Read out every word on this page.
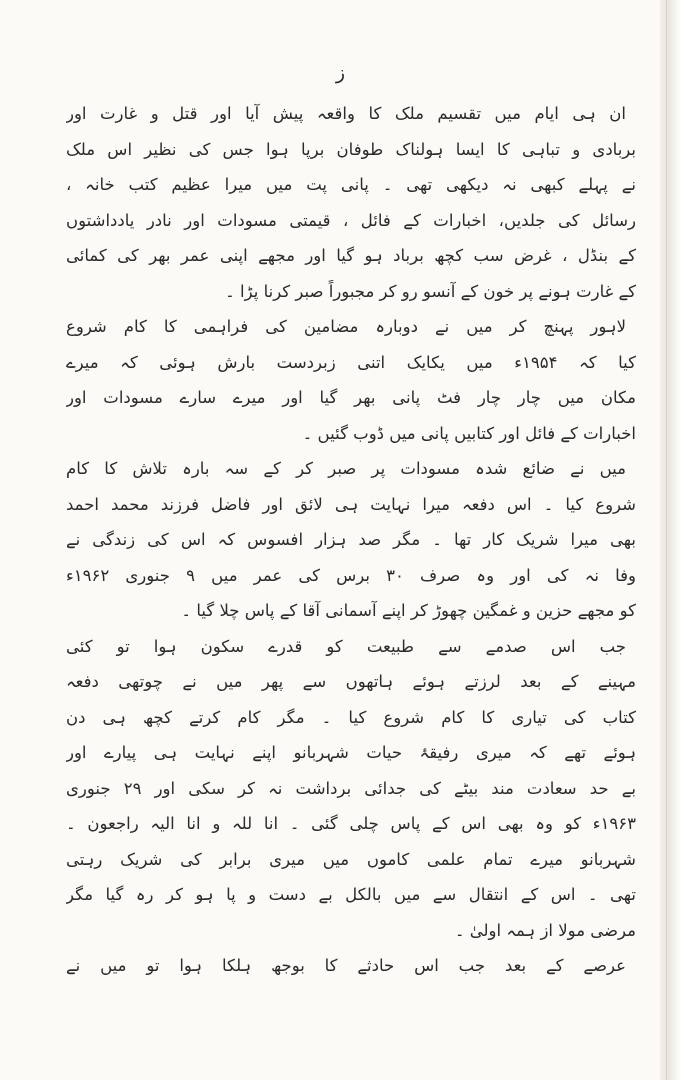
ز
ان ہی ایام میں تقسیم ملک کا واقعہ پیش آیا اور قتل و غارت اور
بربادی و تباہی کا ایسا ہولناک طوفان برپا ہوا جس کی نظیر اس ملک
نے پہلے کبھی نہ دیکھی تھی ۔ پانی پت میں میرا عظیم کتب خانہ ،
رسائل کی جلدیں، اخبارات کے فائل ، قیمتی مسودات اور نادر یادداشتوں
کے بنڈل ، غرض سب کچھ برباد ہو گیا اور مجھے اپنی عمر بھر کی کمائی
کے غارت ہونے پر خون کے آنسو رو کر مجبوراً صبر کرنا پڑا ۔
لاہور پہنچ کر میں نے دوبارہ مضامین کی فراہمی کا کام شروع
کیا کہ ۱۹۵۴ء میں یکایک اتنی زبردست بارش ہوئی کہ میرے
مکان میں چار چار فٹ پانی بھر گیا اور میرے سارے مسودات اور
اخبارات کے فائل اور کتابیں پانی میں ڈوب گئیں ۔
میں نے ضائع شدہ مسودات پر صبر کر کے سہ بارہ تلاش کا کام
شروع کیا ۔ اس دفعہ میرا نہایت ہی لائق اور فاضل فرزند محمد احمد
بھی میرا شریک کار تھا ۔ مگر صد ہزار افسوس کہ اس کی زندگی نے
وفا نہ کی اور وہ صرف ۳۰ برس کی عمر میں ۹ جنوری ۱۹۶۲ء
کو مجھے حزین و غمگین چھوڑ کر اپنے آسمانی آقا کے پاس چلا گیا ۔
جب اس صدمے سے طبیعت کو قدرے سکون ہوا تو کئی
مہینے کے بعد لرزتے ہوئے ہاتھوں سے پھر میں نے چوتھی دفعہ
کتاب کی تیاری کا کام شروع کیا ۔ مگر کام کرتے کچھ ہی دن
ہوئے تھے کہ میری رفیقۂ حیات شہربانو اپنے نہایت ہی پیارے اور
بے حد سعادت مند بیٹے کی جدائی برداشت نہ کر سکی اور ۲۹ جنوری
۱۹۶۳ء کو وہ بھی اس کے پاس چلی گئی ۔ انا للہ و انا الیہ راجعون ۔
شہربانو میرے تمام علمی کاموں میں میری برابر کی شریک رہتی
تھی ۔ اس کے انتقال سے میں بالکل بے دست و پا ہو کر رہ گیا مگر
مرضی مولا از ہمہ اولیٰ ۔
عرصے کے بعد جب اس حادثے کا بوجھ ہلکا ہوا تو میں نے
